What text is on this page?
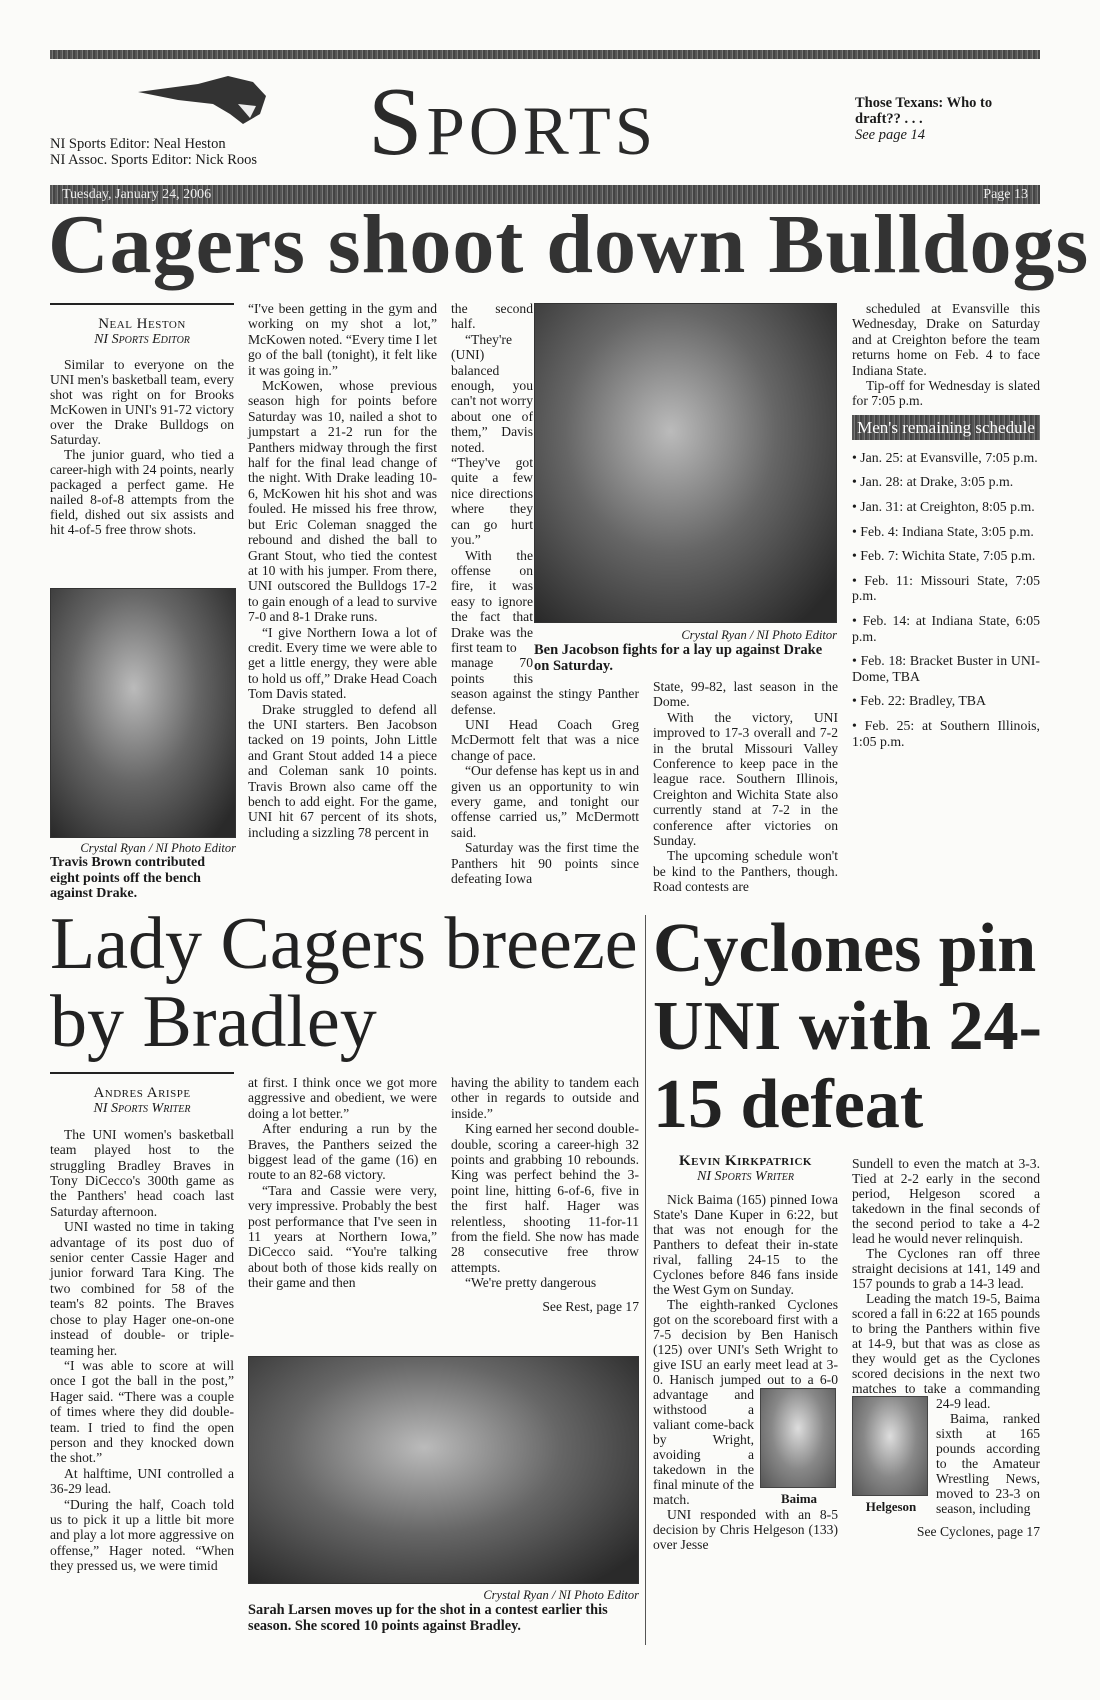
NI Sports Editor: Neal Heston
NI Assoc. Sports Editor: Nick Roos Sports	Those Texans: Who to draft?? . . .
See page 14
Tuesday, January 24, 2006	Page 13
Cagers shoot down Bulldogs
Neal Heston
NI Sports Editor

Similar to everyone on the UNI men's basketball team, every shot was right on for Brooks McKowen in UNI's 91-72 victory over the Drake Bulldogs on Saturday.

The junior guard, who tied a career-high with 24 points, nearly packaged a perfect game. He nailed 8-of-8 attempts from the field, dished out six assists and hit 4-of-5 free throw shots.

Crystal Ryan / NI Photo Editor
Travis Brown contributed eight points off the bench against Drake.

“I've been getting in the gym and working on my shot a lot,” McKowen noted. “Every time I let go of the ball (tonight), it felt like it was going in.”

McKowen, whose previous season high for points before Saturday was 10, nailed a shot to jumpstart a 21-2 run for the Panthers midway through the first half for the final lead change of the night. With Drake leading 10-6, McKowen hit his shot and was fouled. He missed his free throw, but Eric Coleman snagged the rebound and dished the ball to Grant Stout, who tied the contest at 10 with his jumper. From there, UNI outscored the Bulldogs 17-2 to gain enough of a lead to survive 7-0 and 8-1 Drake runs.

“I give Northern Iowa a lot of credit. Every time we were able to get a little energy, they were able to hold us off,” Drake Head Coach Tom Davis stated.

Drake struggled to defend all the UNI starters. Ben Jacobson tacked on 19 points, John Little and Grant Stout added 14 a piece and Coleman sank 10 points. Travis Brown also came off the bench to add eight. For the game, UNI hit 67 percent of its shots, including a sizzling 78 percent in

the second half.

“They're (UNI) balanced enough, you can't not worry about one of them,” Davis noted. “They've got quite a few nice directions where they can go hurt you.”

With the offense on fire, it was easy to ignore the fact that Drake was the first team to

manage 70 points this season against the stingy Panther defense.

UNI Head Coach Greg McDermott felt that was a nice change of pace.

“Our defense has kept us in and given us an opportunity to win every game, and tonight our offense carried us,” McDermott said.

Saturday was the first time the Panthers hit 90 points since defeating Iowa

Crystal Ryan / NI Photo Editor
Ben Jacobson fights for a lay up against Drake on Saturday.

State, 99-82, last season in the Dome.

With the victory, UNI improved to 17-3 overall and 7-2 in the brutal Missouri Valley Conference to keep pace in the league race. Southern Illinois, Creighton and Wichita State also currently stand at 7-2 in the conference after victories on Sunday.

The upcoming schedule won't be kind to the Panthers, though. Road contests are

scheduled at Evansville this Wednesday, Drake on Saturday and at Creighton before the team returns home on Feb. 4 to face Indiana State.

Tip-off for Wednesday is slated for 7:05 p.m.

Men's remaining schedule

• Jan. 25: at Evansville, 7:05 p.m.

• Jan. 28: at Drake, 3:05 p.m.

• Jan. 31: at Creighton, 8:05 p.m.

• Feb. 4: Indiana State, 3:05 p.m.

• Feb. 7: Wichita State, 7:05 p.m.

• Feb. 11: Missouri State, 7:05 p.m.

• Feb. 14: at Indiana State, 6:05 p.m.

• Feb. 18: Bracket Buster in UNI-Dome, TBA

• Feb. 22: Bradley, TBA

• Feb. 25: at Southern Illinois, 1:05 p.m.

Lady Cagers breeze by Bradley
Andres Arispe
NI Sports Writer

The UNI women's basketball team played host to the struggling Bradley Braves in Tony DiCecco's 300th game as the Panthers' head coach last Saturday afternoon.

UNI wasted no time in taking advantage of its post duo of senior center Cassie Hager and junior forward Tara King. The two combined for 58 of the team's 82 points. The Braves chose to play Hager one-on-one instead of double- or triple-teaming her.

“I was able to score at will once I got the ball in the post,” Hager said. “There was a couple of times where they did double-team. I tried to find the open person and they knocked down the shot.”

At halftime, UNI controlled a 36-29 lead.

“During the half, Coach told us to pick it up a little bit more and play a lot more aggressive on offense,” Hager noted. “When they pressed us, we were timid

at first. I think once we got more aggressive and obedient, we were doing a lot better.”

After enduring a run by the Braves, the Panthers seized the biggest lead of the game (16) en route to an 82-68 victory.

“Tara and Cassie were very, very impressive. Probably the best post performance that I've seen in 11 years at Northern Iowa,” DiCecco said. “You're talking about both of those kids really on their game and then

having the ability to tandem each other in regards to outside and inside.”

King earned her second double-double, scoring a career-high 32 points and grabbing 10 rebounds. King was perfect behind the 3-point line, hitting 6-of-6, five in the first half. Hager was relentless, shooting 11-for-11 from the field. She now has made 28 consecutive free throw attempts.

“We're pretty dangerous

See Rest, page 17
Crystal Ryan / NI Photo Editor
Sarah Larsen moves up for the shot in a contest earlier this season. She scored 10 points against Bradley.
Cyclones pin UNI with 24-15 defeat
Kevin Kirkpatrick
NI Sports Writer
Baima

Nick Baima (165) pinned Iowa State's Dane Kuper in 6:22, but that was not enough for the Panthers to defeat their in-state rival, falling 24-15 to the Cyclones before 846 fans inside the West Gym on Sunday.

The eighth-ranked Cyclones got on the scoreboard first with a 7-5 decision by Ben Hanisch (125) over UNI's Seth Wright to give ISU an early meet lead at 3-0. Hanisch jumped out to a 6-0 advantage and withstood a valiant come-back by Wright, avoiding a takedown in the final minute of the match.

UNI responded with an 8-5 decision by Chris Helgeson (133) over Jesse

Helgeson

Sundell to even the match at 3-3. Tied at 2-2 early in the second period, Helgeson scored a takedown in the final seconds of the second period to take a 4-2 lead he would never relinquish.

The Cyclones ran off three straight decisions at 141, 149 and 157 pounds to grab a 14-3 lead.

Leading the match 19-5, Baima scored a fall in 6:22 at 165 pounds to bring the Panthers within five at 14-9, but that was as close as they would get as the Cyclones scored decisions in the next two matches to take a commanding 24-9 lead.

Baima, ranked sixth at 165 pounds according to the Amateur Wrestling News, moved to 23-3 on season, including

See Cyclones, page 17
